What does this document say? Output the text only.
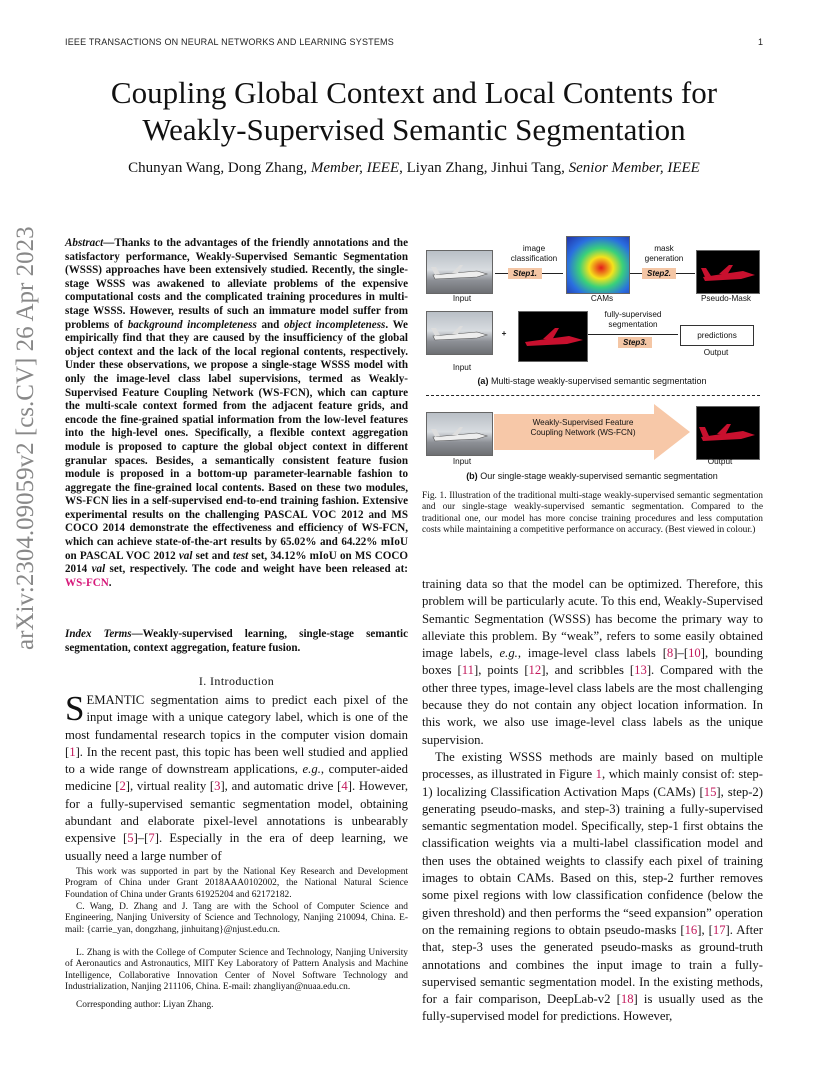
IEEE TRANSACTIONS ON NEURAL NETWORKS AND LEARNING SYSTEMS	1
arXiv:2304.09059v2 [cs.CV] 26 Apr 2023
Coupling Global Context and Local Contents for
Weakly-Supervised Semantic Segmentation
Chunyan Wang, Dong Zhang, Member, IEEE, Liyan Zhang, Jinhui Tang, Senior Member, IEEE
Abstract—Thanks to the advantages of the friendly annotations and the satisfactory performance, Weakly-Supervised Semantic Segmentation (WSSS) approaches have been extensively studied. Recently, the single-stage WSSS was awakened to alleviate problems of the expensive computational costs and the complicated training procedures in multi-stage WSSS. However, results of such an immature model suffer from problems of background incompleteness and object incompleteness. We empirically find that they are caused by the insufficiency of the global object context and the lack of the local regional contents, respectively. Under these observations, we propose a single-stage WSSS model with only the image-level class label supervisions, termed as Weakly-Supervised Feature Coupling Network (WS-FCN), which can capture the multi-scale context formed from the adjacent feature grids, and encode the fine-grained spatial information from the low-level features into the high-level ones. Specifically, a flexible context aggregation module is proposed to capture the global object context in different granular spaces. Besides, a semantically consistent feature fusion module is proposed in a bottom-up parameter-learnable fashion to aggregate the fine-grained local contents. Based on these two modules, WS-FCN lies in a self-supervised end-to-end training fashion. Extensive experimental results on the challenging PASCAL VOC 2012 and MS COCO 2014 demonstrate the effectiveness and efficiency of WS-FCN, which can achieve state-of-the-art results by 65.02% and 64.22% mIoU on PASCAL VOC 2012 val set and test set, 34.12% mIoU on MS COCO 2014 val set, respectively. The code and weight have been released at: WS-FCN.
Index Terms—Weakly-supervised learning, single-stage semantic segmentation, context aggregation, feature fusion.
I. Introduction
SEMANTIC segmentation aims to predict each pixel of the input image with a unique category label, which is one of the most fundamental research topics in the computer vision domain [1]. In the recent past, this topic has been well studied and applied to a wide range of downstream applications, e.g., computer-aided medicine [2], virtual reality [3], and automatic drive [4]. However, for a fully-supervised semantic segmentation model, obtaining abundant and elaborate pixel-level annotations is unbearably expensive [5]–[7]. Especially in the era of deep learning, we usually need a large number of
This work was supported in part by the National Key Research and Development Program of China under Grant 2018AAA0102002, the National Natural Science Foundation of China under Grants 61925204 and 62172182.
C. Wang, D. Zhang and J. Tang are with the School of Computer Science and Engineering, Nanjing University of Science and Technology, Nanjing 210094, China. E-mail: {carrie_yan, dongzhang, jinhuitang}@njust.edu.cn.
L. Zhang is with the College of Computer Science and Technology, Nanjing University of Aeronautics and Astronautics, MIIT Key Laboratory of Pattern Analysis and Machine Intelligence, Collaborative Innovation Center of Novel Software Technology and Industrialization, Nanjing 211106, China. E-mail: zhangliyan@nuaa.edu.cn.
Corresponding author: Liyan Zhang.
image classification
mask generation
Step1.	Step2.
Input	CAMs	Pseudo-Mask
+
fully-supervised segmentation
Step3.
predictions
Output
Input
(a) Multi-stage weakly-supervised semantic segmentation
Weakly-Supervised Feature Coupling Network (WS-FCN)
Input	Output
(b) Our single-stage weakly-supervised semantic segmentation
Fig. 1. Illustration of the traditional multi-stage weakly-supervised semantic segmentation and our single-stage weakly-supervised semantic segmentation. Compared to the traditional one, our model has more concise training procedures and less computation costs while maintaining a competitive performance on accuracy. (Best viewed in colour.)
training data so that the model can be optimized. Therefore, this problem will be particularly acute. To this end, Weakly-Supervised Semantic Segmentation (WSSS) has become the primary way to alleviate this problem. By “weak”, refers to some easily obtained image labels, e.g., image-level class labels [8]–[10], bounding boxes [11], points [12], and scribbles [13]. Compared with the other three types, image-level class labels are the most challenging because they do not contain any object location information. In this work, we also use image-level class labels as the unique supervision.
The existing WSSS methods are mainly based on multiple processes, as illustrated in Figure 1, which mainly consist of: step-1) localizing Classification Activation Maps (CAMs) [15], step-2) generating pseudo-masks, and step-3) training a fully-supervised semantic segmentation model. Specifically, step-1 first obtains the classification weights via a multi-label classification model and then uses the obtained weights to classify each pixel of training images to obtain CAMs. Based on this, step-2 further removes some pixel regions with low classification confidence (below the given threshold) and then performs the “seed expansion” operation on the remaining regions to obtain pseudo-masks [16], [17]. After that, step-3 uses the generated pseudo-masks as ground-truth annotations and combines the input image to train a fully-supervised semantic segmentation model. In the existing methods, for a fair comparison, DeepLab-v2 [18] is usually used as the fully-supervised model for predictions. However,
